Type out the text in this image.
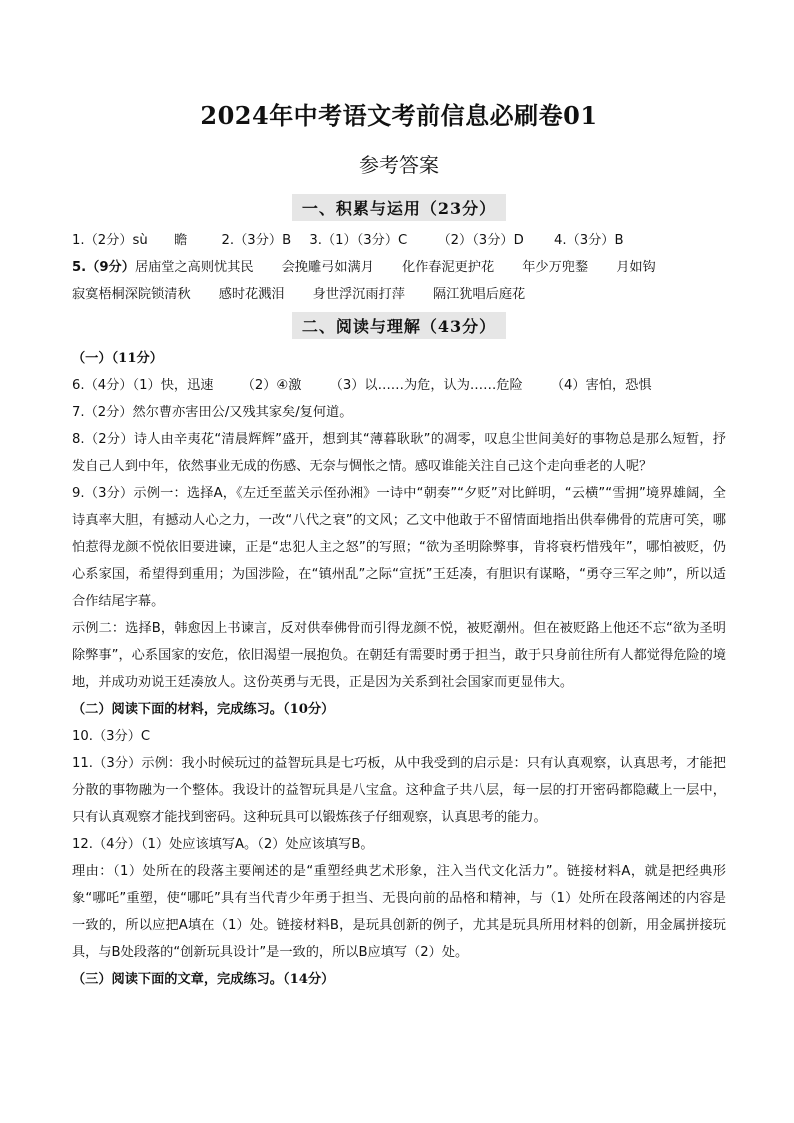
2024年中考语文考前信息必刷卷01
参考答案
一、积累与运用（23分）
1.（2分）sù　　瞻	2.（3分）B 3.（1）（3分）C （2）（3分）D 4.（3分）B
5.（9分）居庙堂之高则忧其民 会挽雕弓如满月 化作春泥更护花 年少万兜鍪 月如钩
寂寞梧桐深院锁清秋 感时花溅泪 身世浮沉雨打萍 隔江犹唱后庭花
二、阅读与理解（43分）
（一）（11分）
6.（4分）（1）快，迅速 （2）④激 （3）以……为危，认为……危险 （4）害怕，恐惧
7.（2分）然尔曹亦害田公/又残其家矣/复何道。
8.（2分）诗人由辛夷花“清晨辉辉”盛开，想到其“薄暮耿耿”的凋零，叹息尘世间美好的事物总是那么短暂，抒发自己人到中年，依然事业无成的伤感、无奈与惆怅之情。感叹谁能关注自己这个走向垂老的人呢？
9.（3分）示例一：选择A，《左迁至蓝关示侄孙湘》一诗中“朝奏”“夕贬”对比鲜明，“云横”“雪拥”境界雄阔，全诗真率大胆，有撼动人心之力，一改“八代之衰”的文风；乙文中他敢于不留情面地指出供奉佛骨的荒唐可笑，哪怕惹得龙颜不悦依旧要进谏，正是“忠犯人主之怒”的写照；“欲为圣明除弊事，肯将衰朽惜残年”，哪怕被贬，仍心系家国，希望得到重用；为国涉险，在“镇州乱”之际“宣抚”王廷凑，有胆识有谋略，“勇夺三军之帅”，所以适合作结尾字幕。
示例二：选择B，韩愈因上书谏言，反对供奉佛骨而引得龙颜不悦，被贬潮州。但在被贬路上他还不忘“欲为圣明除弊事”，心系国家的安危，依旧渴望一展抱负。在朝廷有需要时勇于担当，敢于只身前往所有人都觉得危险的境地，并成功劝说王廷凑放人。这份英勇与无畏，正是因为关系到社会国家而更显伟大。
（二）阅读下面的材料，完成练习。（10分）
10.（3分）C
11.（3分）示例：我小时候玩过的益智玩具是七巧板，从中我受到的启示是：只有认真观察，认真思考，才能把分散的事物融为一个整体。我设计的益智玩具是八宝盒。这种盒子共八层，每一层的打开密码都隐藏上一层中，只有认真观察才能找到密码。这种玩具可以锻炼孩子仔细观察，认真思考的能力。
12.（4分）（1）处应该填写A。（2）处应该填写B。
理由：（1）处所在的段落主要阐述的是“重塑经典艺术形象，注入当代文化活力”。链接材料A，就是把经典形象“哪吒”重塑，使“哪吒”具有当代青少年勇于担当、无畏向前的品格和精神，与（1）处所在段落阐述的内容是一致的，所以应把A填在（1）处。链接材料B，是玩具创新的例子，尤其是玩具所用材料的创新，用金属拼接玩具，与B处段落的“创新玩具设计”是一致的，所以B应填写（2）处。
（三）阅读下面的文章，完成练习。（14分）
